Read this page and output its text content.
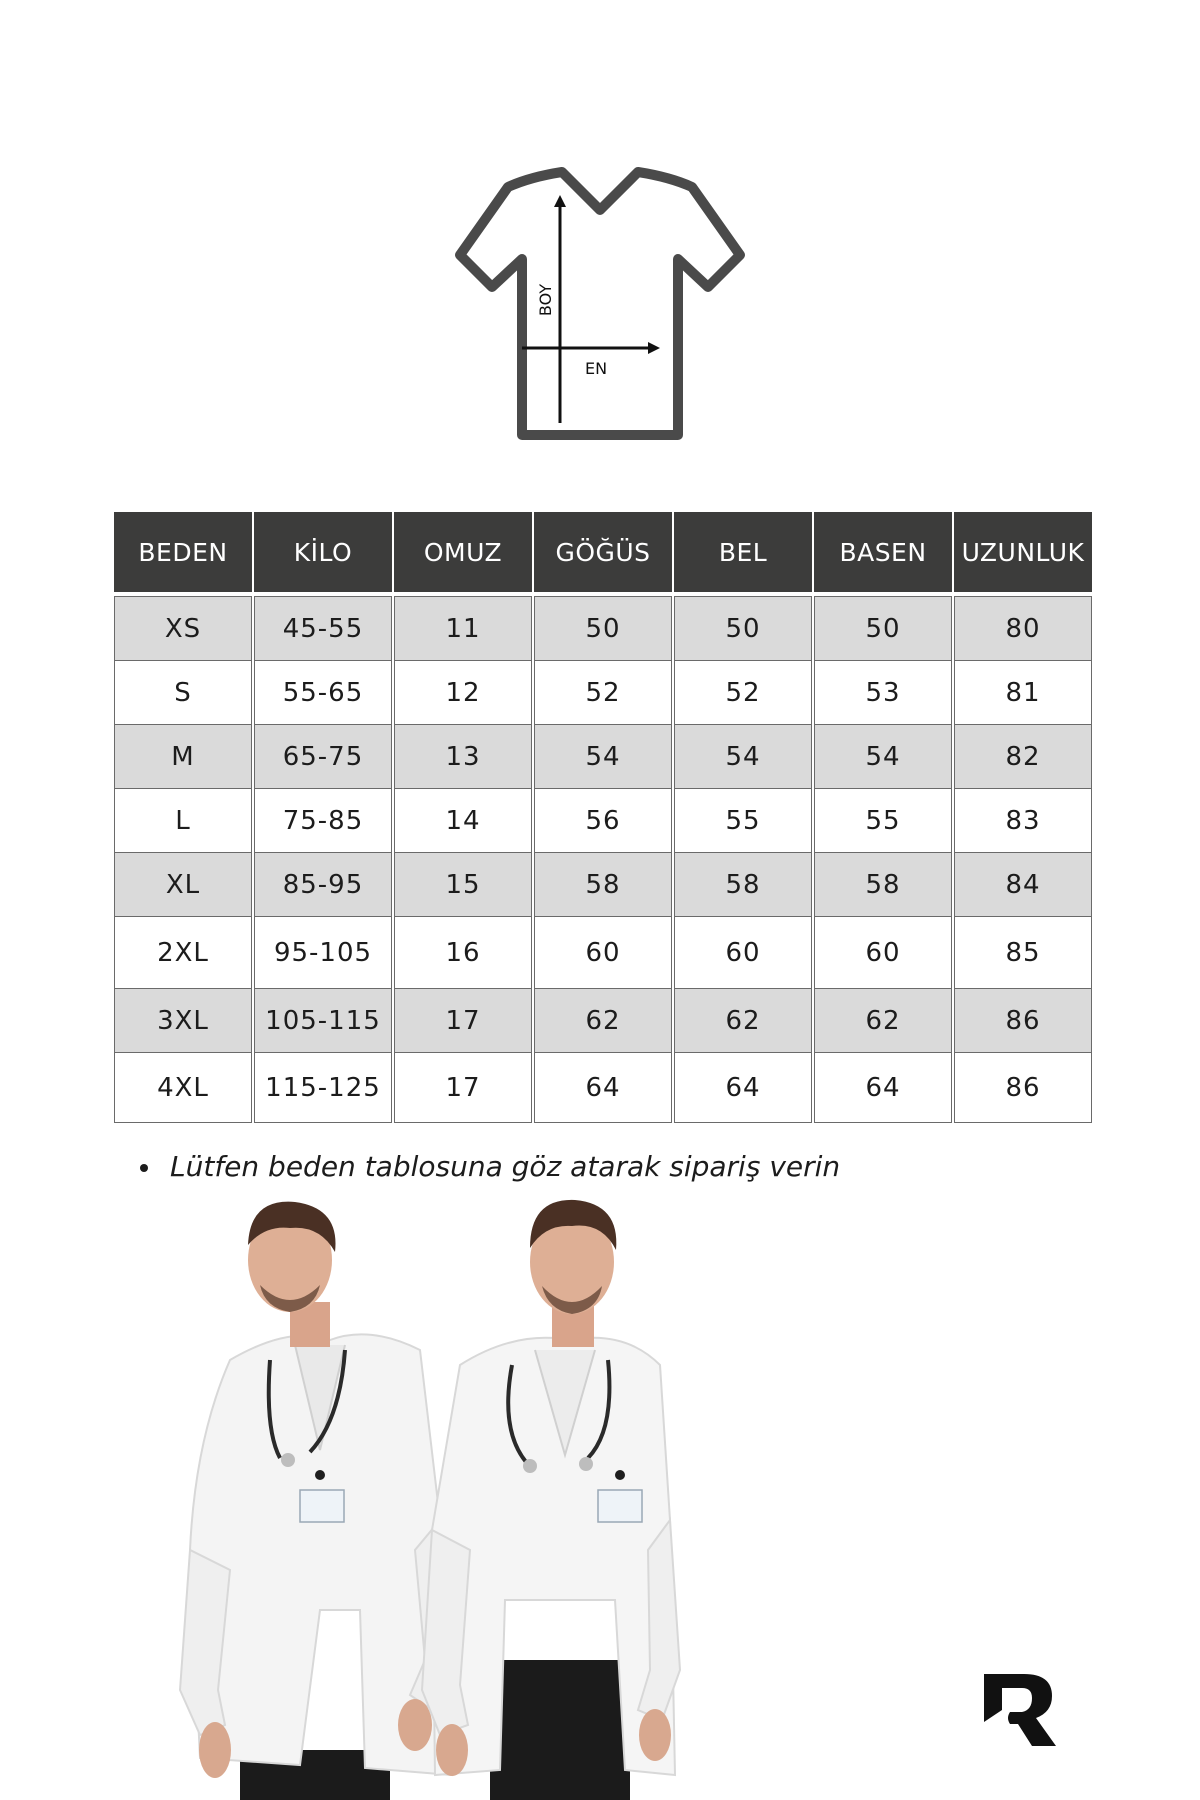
BOY
EN
BEDEN	KİLO	OMUZ	GÖĞÜS	BEL	BASEN	UZUNLUK
XS	45-55	11	50	50	50	80
S	55-65	12	52	52	53	81
M	65-75	13	54	54	54	82
L	75-85	14	56	55	55	83
XL	85-95	15	58	58	58	84
2XL	95-105	16	60	60	60	85
3XL	105-115	17	62	62	62	86
4XL	115-125	17	64	64	64	86
Lütfen beden tablosuna göz atarak sipariş verin
